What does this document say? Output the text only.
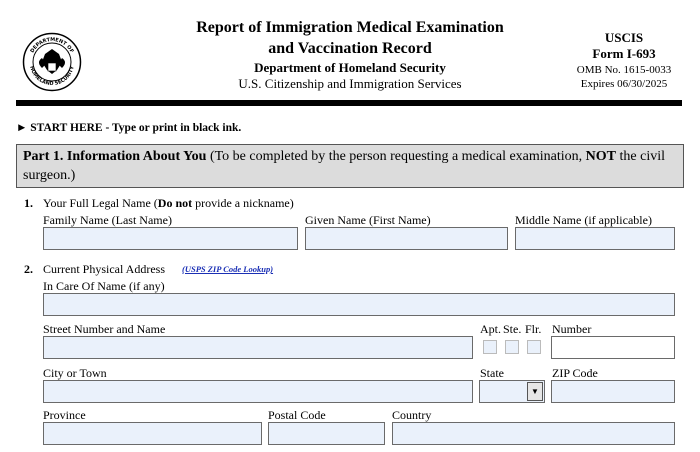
DEPARTMENT OF
HOMELAND SECURITY
Report of Immigration Medical Examination
and Vaccination Record
Department of Homeland Security
U.S. Citizenship and Immigration Services
USCIS
Form I-693
OMB No. 1615-0033
Expires 06/30/2025
► START HERE - Type or print in black ink.
Part 1. Information About You (To be completed by the person requesting a medical examination, NOT the civil surgeon.)
1. Your Full Legal Name (Do not provide a nickname)
Family Name (Last Name)	Given Name (First Name)	Middle Name (if applicable)
2. Current Physical Address (USPS ZIP Code Lookup)
In Care Of Name (if any)
Street Number and Name	Apt. Ste. Flr. Number
City or Town	State	ZIP Code
▼
Province	Postal Code	Country
